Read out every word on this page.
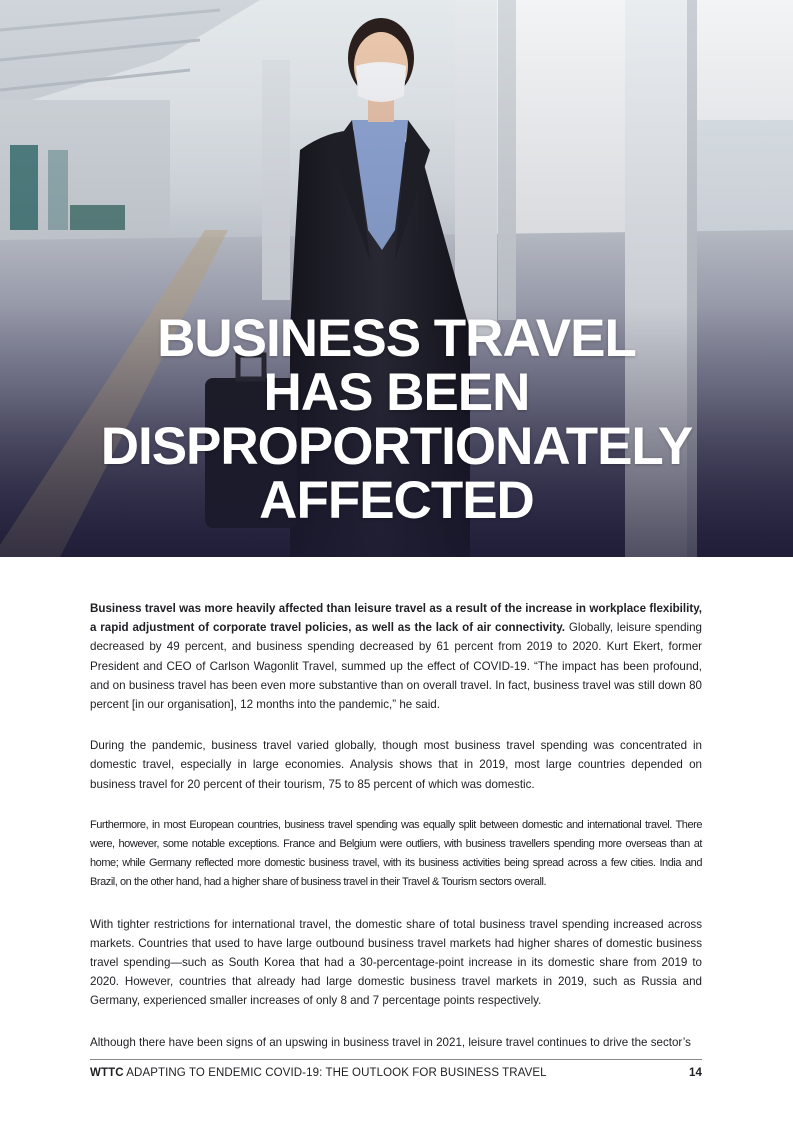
BUSINESS TRAVEL
HAS BEEN
DISPROPORTIONATELY
AFFECTED

Business travel was more heavily affected than leisure travel as a result of the increase in workplace flexibility, a rapid adjustment of corporate travel policies, as well as the lack of air connectivity. Globally, leisure spending decreased by 49 percent, and business spending decreased by 61 percent from 2019 to 2020. Kurt Ekert, former President and CEO of Carlson Wagonlit Travel, summed up the effect of COVID-19. “The impact has been profound, and on business travel has been even more substantive than on overall travel. In fact, business travel was still down 80 percent [in our organisation], 12 months into the pandemic,” he said.

During the pandemic, business travel varied globally, though most business travel spending was concentrated in domestic travel, especially in large economies. Analysis shows that in 2019, most large countries depended on business travel for 20 percent of their tourism, 75 to 85 percent of which was domestic.

Furthermore, in most European countries, business travel spending was equally split between domestic and international travel. There were, however, some notable exceptions. France and Belgium were outliers, with business travellers spending more overseas than at home; while Germany reflected more domestic business travel, with its business activities being spread across a few cities. India and Brazil, on the other hand, had a higher share of business travel in their Travel & Tourism sectors overall.

With tighter restrictions for international travel, the domestic share of total business travel spending increased across markets. Countries that used to have large outbound business travel markets had higher shares of domestic business travel spending—such as South Korea that had a 30-percentage-point increase in its domestic share from 2019 to 2020. However, countries that already had large domestic business travel markets in 2019, such as Russia and Germany, experienced smaller increases of only 8 and 7 percentage points respectively.

Although there have been signs of an upswing in business travel in 2021, leisure travel continues to drive the sector’s

WTTC ADAPTING TO ENDEMIC COVID-19: THE OUTLOOK FOR BUSINESS TRAVEL	14
